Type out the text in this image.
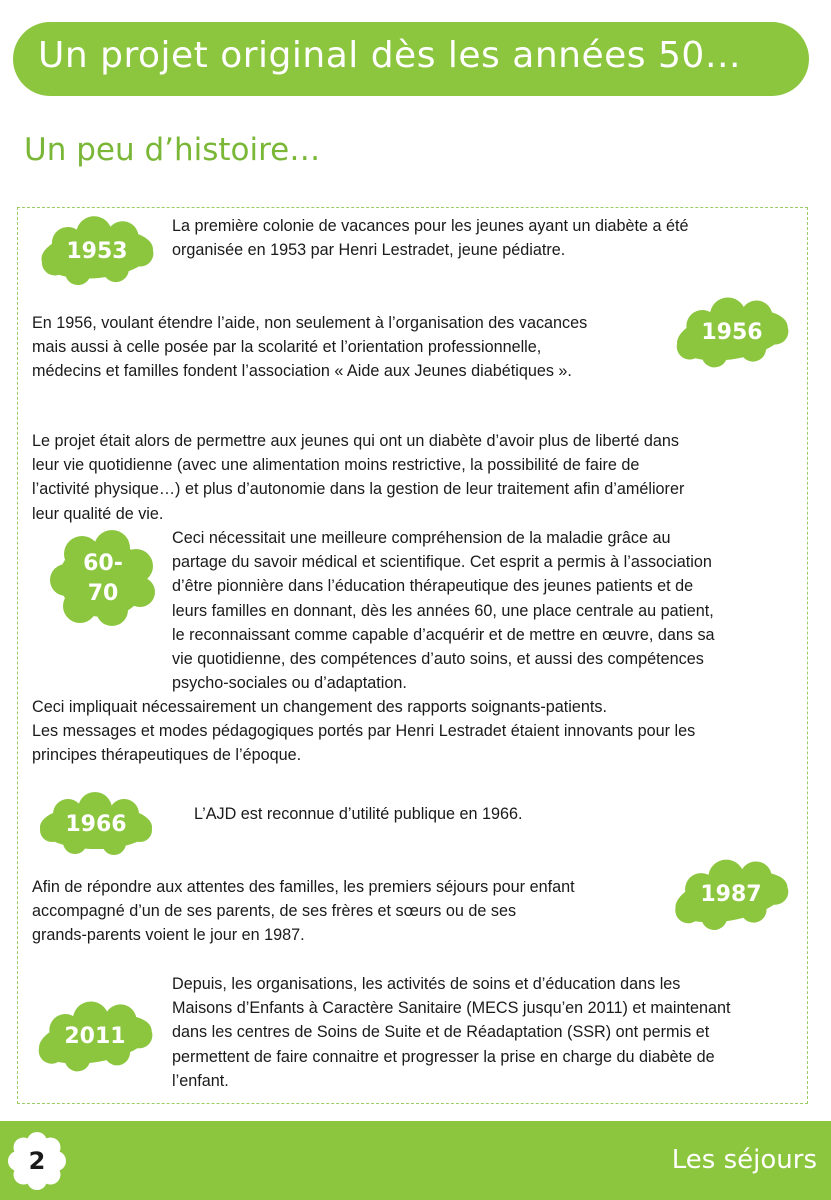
Un projet original dès les années 50…
Un peu d’histoire…
1953

La première colonie de vacances pour les jeunes ayant un diabète a été
organisée en 1953 par Henri Lestradet, jeune pédiatre.

En 1956, voulant étendre l’aide, non seulement à l’organisation des vacances
mais aussi à celle posée par la scolarité et l’orientation professionnelle,
médecins et familles fondent l’association « Aide aux Jeunes diabétiques ».

1956

Le projet était alors de permettre aux jeunes qui ont un diabète d’avoir plus de liberté dans
leur vie quotidienne (avec une alimentation moins restrictive, la possibilité de faire de
l’activité physique…) et plus d’autonomie dans la gestion de leur traitement afin d’améliorer
leur qualité de vie.

60-
70

Ceci nécessitait une meilleure compréhension de la maladie grâce au
partage du savoir médical et scientifique. Cet esprit a permis à l’association
d’être pionnière dans l’éducation thérapeutique des jeunes patients et de
leurs familles en donnant, dès les années 60, une place centrale au patient,
le reconnaissant comme capable d’acquérir et de mettre en œuvre, dans sa
vie quotidienne, des compétences d’auto soins, et aussi des compétences
psycho-sociales ou d’adaptation.

Ceci impliquait nécessairement un changement des rapports soignants-patients.
Les messages et modes pédagogiques portés par Henri Lestradet étaient innovants pour les
principes thérapeutiques de l’époque.

1966	L’AJD est reconnue d’utilité publique en 1966.

Afin de répondre aux attentes des familles, les premiers séjours pour enfant
accompagné d’un de ses parents, de ses frères et sœurs ou de ses
grands-parents voient le jour en 1987.

1987
2011

Depuis, les organisations, les activités de soins et d’éducation dans les
Maisons d’Enfants à Caractère Sanitaire (MECS jusqu’en 2011) et maintenant
dans les centres de Soins de Suite et de Réadaptation (SSR) ont permis et
permettent de faire connaitre et progresser la prise en charge du diabète de
l’enfant.

2	Les séjours
